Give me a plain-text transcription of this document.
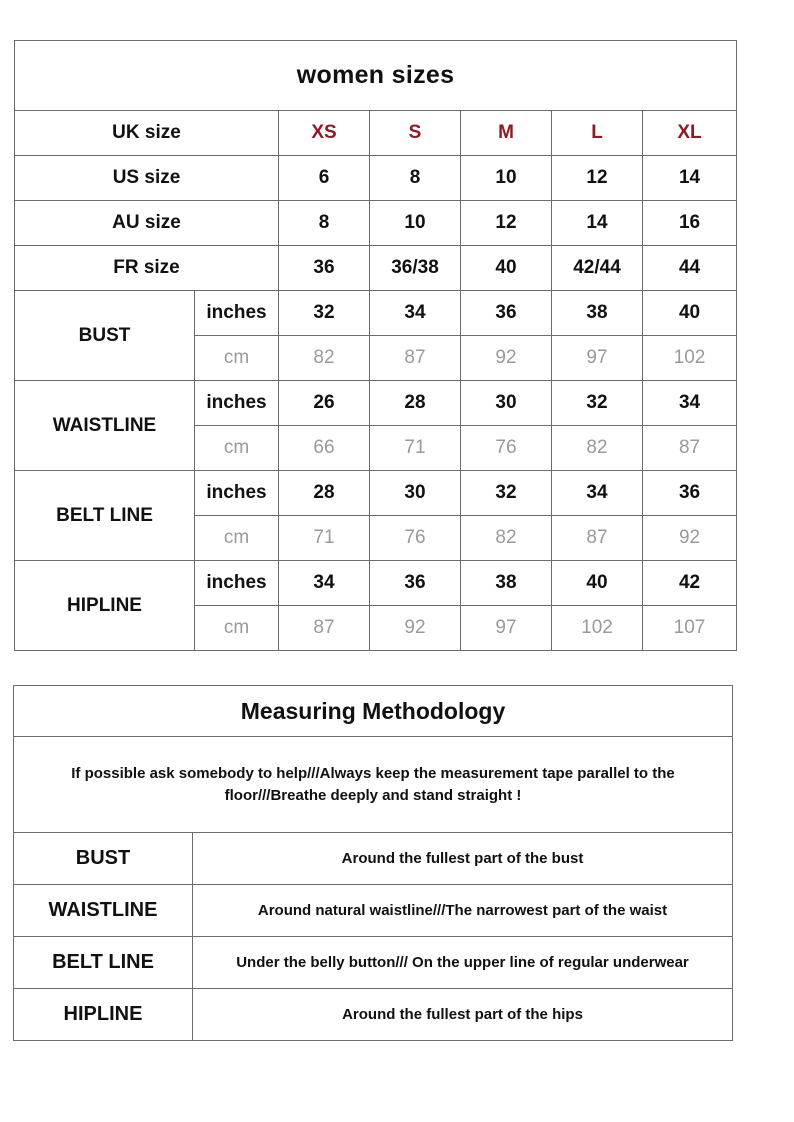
women sizes						
UK size		XS	S	M	L	XL
US size		6	8	10	12	14
AU size		8	10	12	14	16
FR size		36	36/38	40	42/44	44
BUST	inches	32	34	36	38	40
	cm	82	87	92	97	102
WAISTLINE	inches	26	28	30	32	34
	cm	66	71	76	82	87
BELT LINE	inches	28	30	32	34	36
	cm	71	76	82	87	92
HIPLINE	inches	34	36	38	40	42
	cm	87	92	97	102	107
Measuring Methodology	
If possible ask somebody to help///Always keep the measurement tape parallel to the floor///Breathe deeply and stand straight !	
BUST	Around the fullest part of the bust
WAISTLINE	Around natural waistline///The narrowest part of the waist
BELT LINE	Under the belly button/// On the upper line of regular underwear
HIPLINE	Around the fullest part of the hips
